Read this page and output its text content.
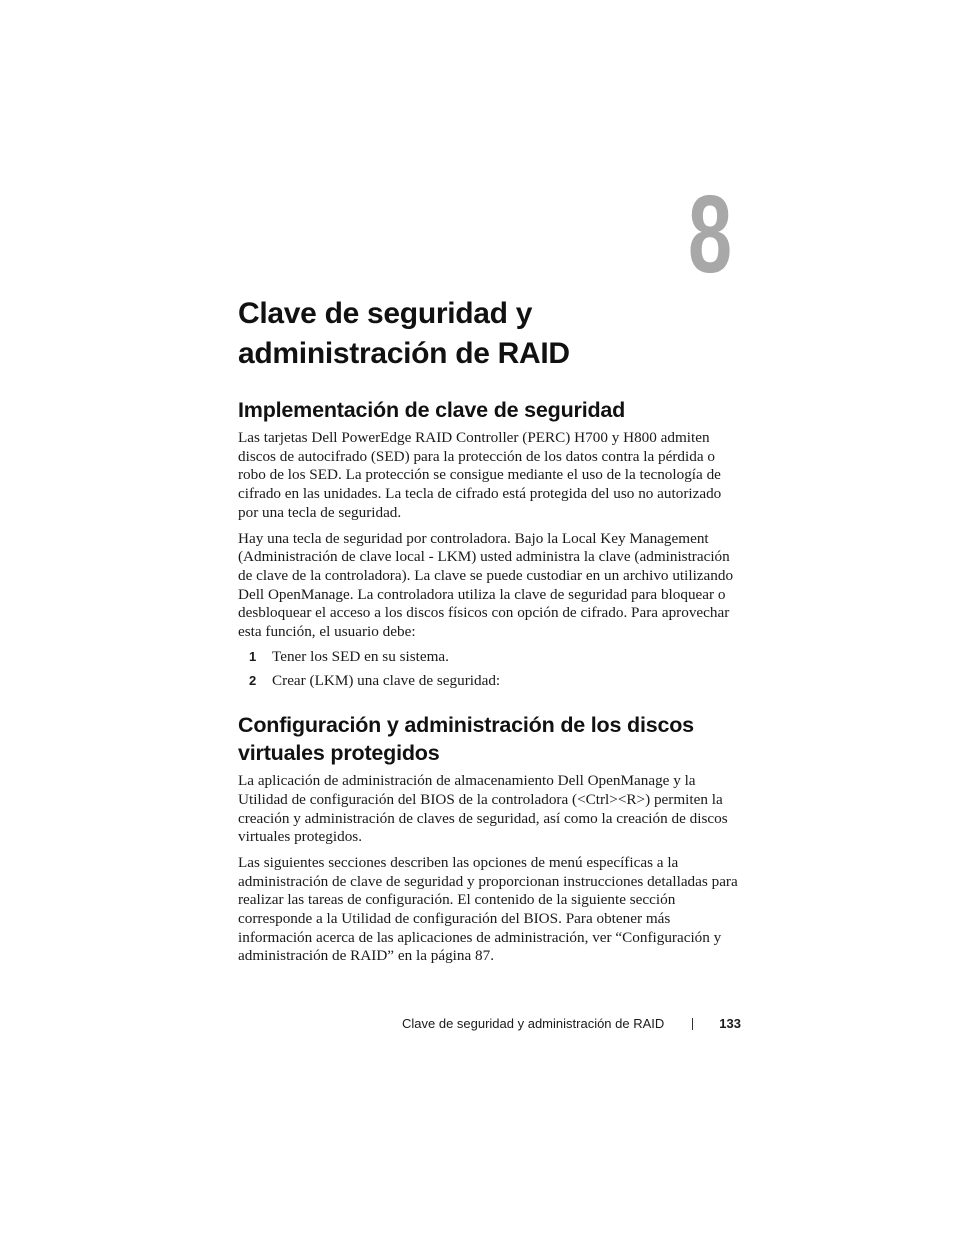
8
Clave de seguridad y
administración de RAID
Implementación de clave de seguridad

Las tarjetas Dell PowerEdge RAID Controller (PERC) H700 y H800 admiten discos de autocifrado (SED) para la protección de los datos contra la pérdida o robo de los SED. La protección se consigue mediante el uso de la tecnología de cifrado en las unidades. La tecla de cifrado está protegida del uso no autorizado por una tecla de seguridad.

Hay una tecla de seguridad por controladora. Bajo la Local Key Management (Administración de clave local - LKM) usted administra la clave (administración de clave de la controladora). La clave se puede custodiar en un archivo utilizando Dell OpenManage. La controladora utiliza la clave de seguridad para bloquear o desbloquear el acceso a los discos físicos con opción de cifrado. Para aprovechar esta función, el usuario debe:

1	Tener los SED en su sistema.
2	Crear (LKM) una clave de seguridad:
Configuración y administración de los discos
virtuales protegidos

La aplicación de administración de almacenamiento Dell OpenManage y la Utilidad de configuración del BIOS de la controladora (<Ctrl><R>) permiten la creación y administración de claves de seguridad, así como la creación de discos virtuales protegidos.

Las siguientes secciones describen las opciones de menú específicas a la administración de clave de seguridad y proporcionan instrucciones detalladas para realizar las tareas de configuración. El contenido de la siguiente sección corresponde a la Utilidad de configuración del BIOS. Para obtener más información acerca de las aplicaciones de administración, ver “Configuración y administración de RAID” en la página 87.

Clave de seguridad y administración de RAID	133
